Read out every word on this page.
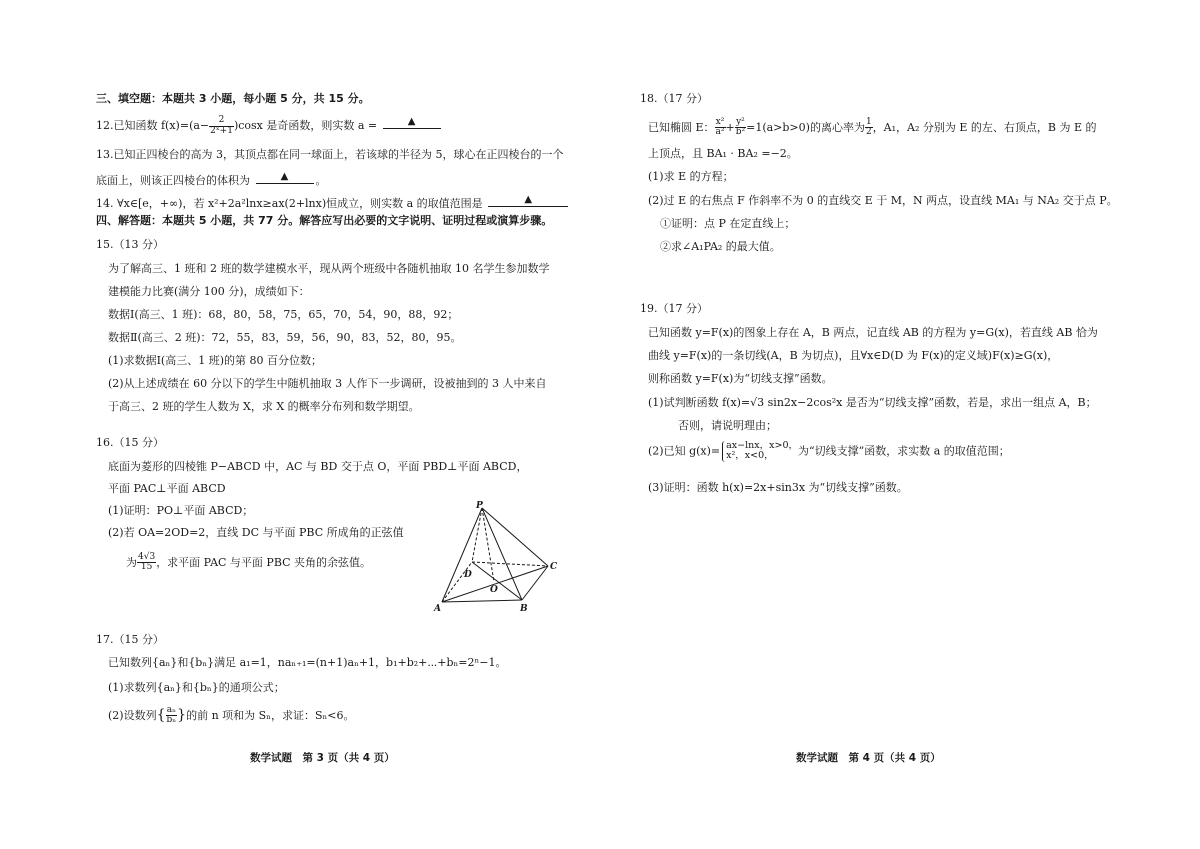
三、填空题：本题共 3 小题，每小题 5 分，共 15 分。
12.已知函数 $f(x)=(a- \frac{2}{\text{2ˣ+1}} )\cos x$ 是奇函数，则实数 a =	▲
13.已知正四棱台的高为 3，其顶点都在同一球面上，若该球的半径为 5，球心在正四棱台的一个
底面上，则该正四棱台的体积为	▲ 。
14. ∀x∈[e，+∞)，若 x²+2a²lnx≥ax(2+lnx)恒成立，则实数 a 的取值范围是	▲
四、解答题：本题共 5 小题，共 77 分。解答应写出必要的文字说明、证明过程或演算步骤。
15.（13 分）
为了解高三、1 班和 2 班的数学建模水平，现从两个班级中各随机抽取 10 名学生参加数学
建模能力比赛(满分 100 分)，成绩如下：
数据Ⅰ(高三、1 班)：68，80，58，75，65，70，54，90，88，92；
数据Ⅱ(高三、2 班)：72，55，83，59，56，90，83，52，80，95。
(1)求数据Ⅰ(高三、1 班)的第 80 百分位数；
(2)从上述成绩在 60 分以下的学生中随机抽取 3 人作下一步调研，设被抽到的 3 人中来自
于高三、2 班的学生人数为 X，求 X 的概率分布列和数学期望。
16.（15 分）
底面为菱形的四棱锥 P−ABCD 中，AC 与 BD 交于点 O，平面 PBD⊥平面 ABCD，
平面 PAC⊥平面 ABCD
(1)证明：PO⊥平面 ABCD；
(2)若 OA=2OD=2，直线 DC 与平面 PBC 所成角的正弦值
为 $\frac{4√3}{15}$ ，求平面 PAC 与平面 PBC 夹角的余弦值。
P
A	B
C
D
O
17.（15 分）
已知数列{aₙ}和{bₙ}满足 a₁=1，naₙ₊₁=(n+1)aₙ+1，b₁+b₂+⋯+bₙ=2ⁿ−1。
(1)求数列{aₙ}和{bₙ}的通项公式；
(2)设数列{ $\frac{\text{aₙ}}{\text{bₙ}}$ }的前 n 项和为 Sₙ，求证：Sₙ<6。
数学试题　第 3 页（共 4 页）
18.（17 分）
已知椭圆 E： $\frac{\text{x²}}{\text{a²}} + \frac{\text{y²}}{\text{b²}} =1(a>b>0)$的离心率为 $\frac{1}{2}$ ，A₁，A₂ 分别为 E 的左、右顶点，B 为 E 的
上顶点，且 BA₁ · BA₂ =−2。
(1)求 E 的方程；
(2)过 E 的右焦点 F 作斜率不为 0 的直线交 E 于 M，N 两点，设直线 MA₁ 与 NA₂ 交于点 P。
①证明：点 P 在定直线上；
②求∠A₁PA₂ 的最大值。
19.（17 分）
已知函数 y=F(x)的图象上存在 A，B 两点，记直线 AB 的方程为 y=G(x)，若直线 AB 恰为
曲线 y=F(x)的一条切线(A，B 为切点)，且∀x∈D(D 为 F(x)的定义域)F(x)≥G(x)，
则称函数 y=F(x)为“切线支撑”函数。
(1)试判断函数 f(x)=√3 sin2x−2cos²x 是否为“切线支撑”函数，若是，求出一组点 A，B；
否则，请说明理由；
(2)已知 g(x)= ax−lnx，x>0，
x²，x<0，	为“切线支撑”函数，求实数 a 的取值范围；
(3)证明：函数 h(x)=2x+sin3x 为“切线支撑”函数。
数学试题　第 4 页（共 4 页）
